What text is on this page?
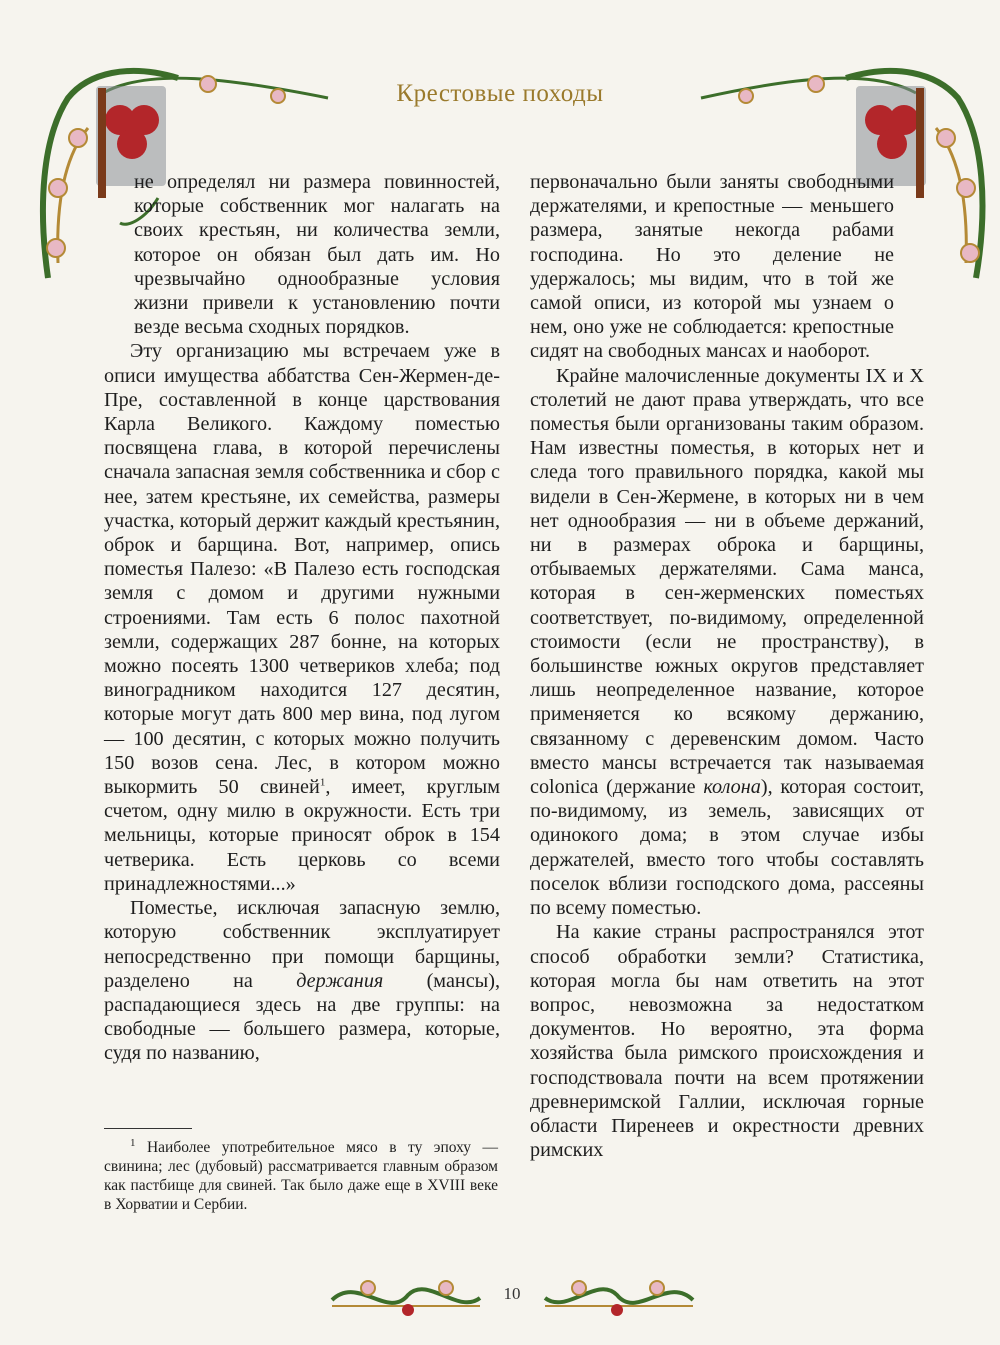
Крестовые походы

не определял ни размера повинностей, которые собственник мог налагать на своих крестьян, ни количества земли, которое он обязан был дать им. Но чрезвычайно однообразные условия жизни привели к установлению почти везде весьма сходных порядков.

Эту организацию мы встречаем уже в описи имущества аббатства Сен-Жермен-де-Пре, составленной в конце царствования Карла Великого. Каждому поместью посвящена глава, в которой перечислены сначала запасная земля собственника и сбор с нее, затем крестьяне, их семейства, размеры участка, который держит каждый крестьянин, оброк и барщина. Вот, например, опись поместья Палезо: «В Палезо есть господская земля с домом и другими нужными строениями. Там есть 6 полос пахотной земли, содержащих 287 бонне, на которых можно посеять 1300 четвериков хлеба; под виноградником находится 127 десятин, которые могут дать 800 мер вина, под лугом — 100 десятин, с которых можно получить 150 возов сена. Лес, в котором можно выкормить 50 свиней$^1$, имеет, круглым счетом, одну милю в окружности. Есть три мельницы, которые приносят оброк в 154 четверика. Есть церковь со всеми принадлежностями...»

Поместье, исключая запасную землю, которую собственник эксплуатирует непосредственно при помощи барщины, разделено на держания (мансы), распадающиеся здесь на две группы: на свободные — большего размера, которые, судя по названию,

первоначально были заняты свободными держателями, и крепостные — меньшего размера, занятые некогда рабами господина. Но это деление не удержалось; мы видим, что в той же самой описи, из которой мы узнаем о нем, оно уже не соблюдается: крепостные сидят на свободных мансах и наоборот.

Крайне малочисленные документы IX и X столетий не дают права утверждать, что все поместья были организованы таким образом. Нам известны поместья, в которых нет и следа того правильного порядка, какой мы видели в Сен-Жермене, в которых ни в чем нет однообразия — ни в объеме держаний, ни в размерах оброка и барщины, отбываемых держателями. Сама манса, которая в сен-жерменских поместьях соответствует, по-видимому, определенной стоимости (если не пространству), в большинстве южных округов представляет лишь неопределенное название, которое применяется ко всякому держанию, связанному с деревенским домом. Часто вместо мансы встречается так называемая colonica (держание колона), которая состоит, по-видимому, из земель, зависящих от одинокого дома; в этом случае избы держателей, вместо того чтобы составлять поселок вблизи господского дома, рассеяны по всему поместью.

На какие страны распространялся этот способ обработки земли? Статистика, которая могла бы нам ответить на этот вопрос, невозможна за недостатком документов. Но вероятно, эта форма хозяйства была римского происхождения и господствовала почти на всем протяжении древнеримской Галлии, исключая горные области Пиренеев и окрестности древних римских

$^1$ Наиболее употребительное мясо в ту эпоху — свинина; лес (дубовый) рассматривается главным образом как пастбище для свиней. Так было даже еще в XVIII веке в Хорватии и Сербии.

10
